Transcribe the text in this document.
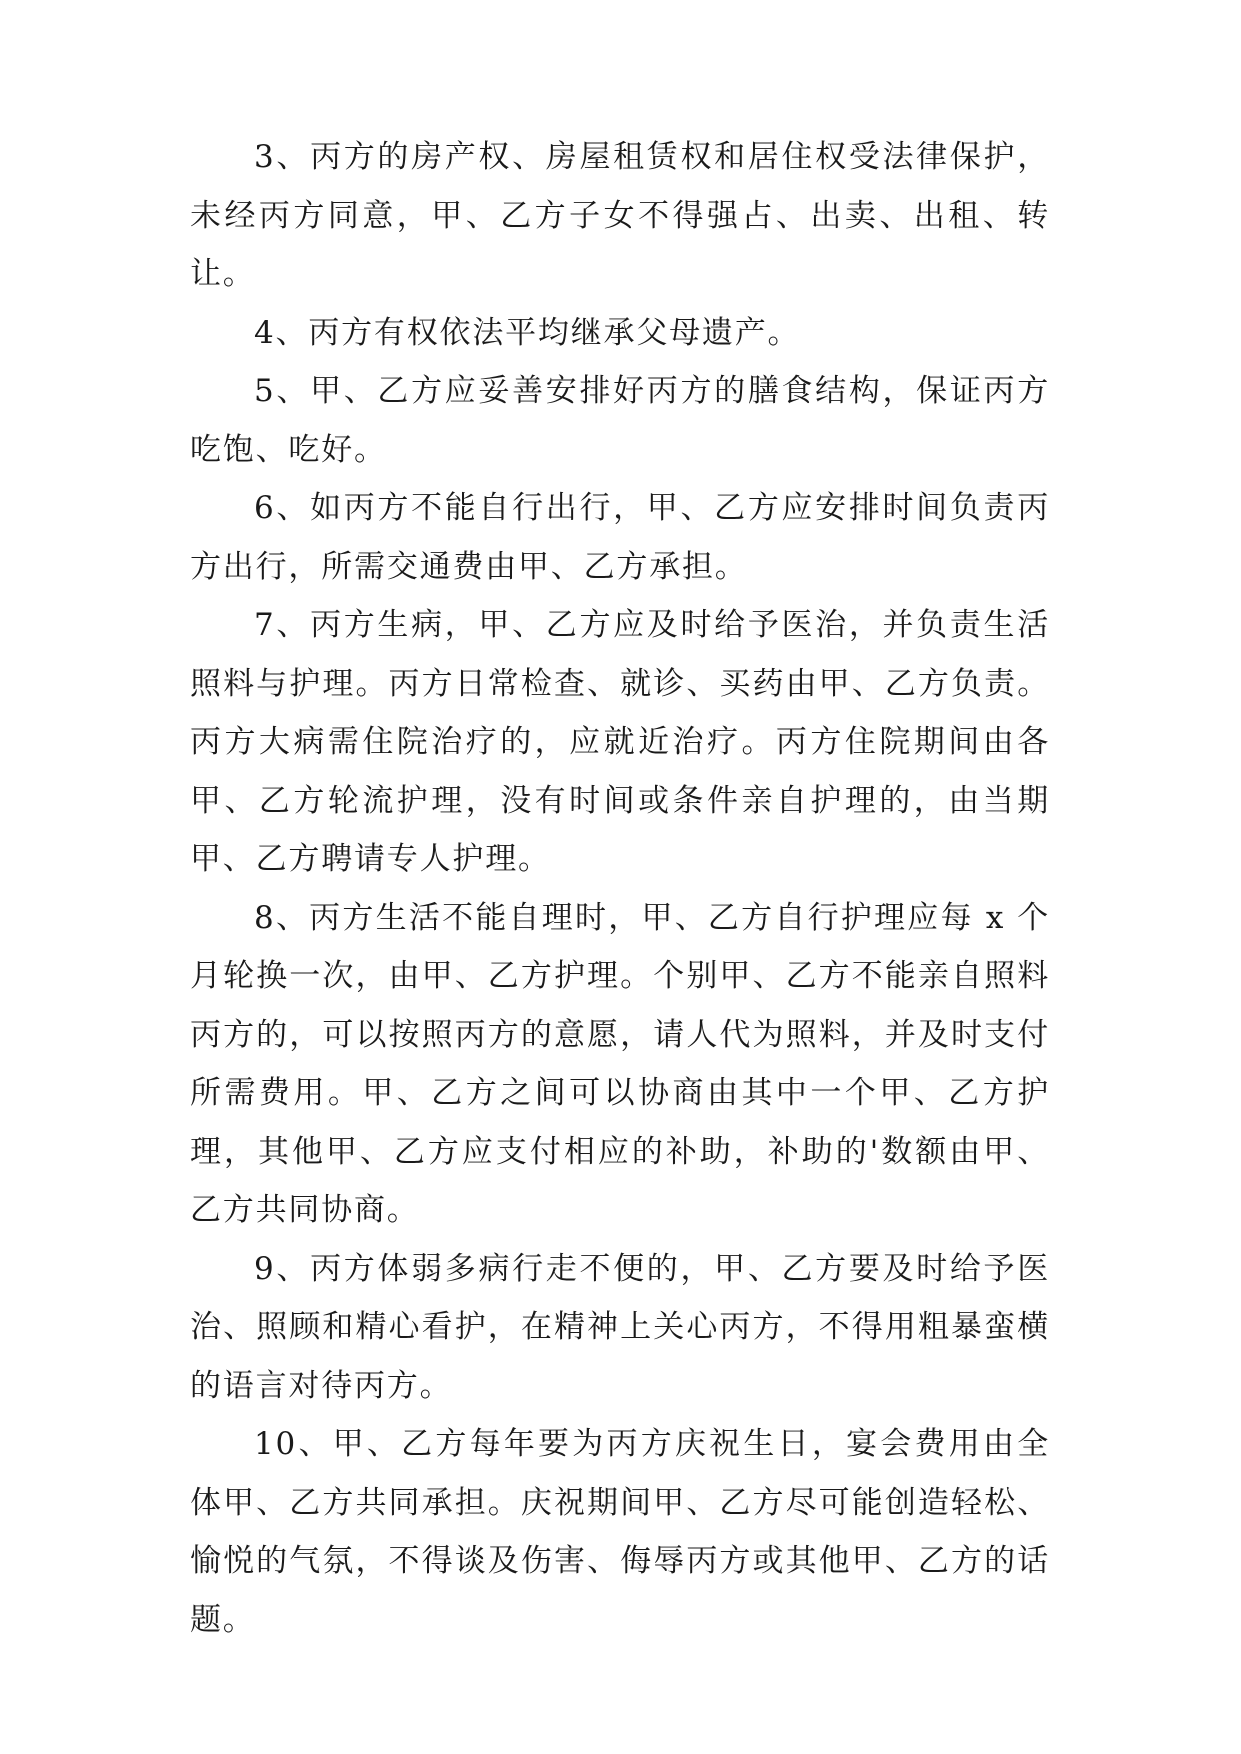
3、丙方的房产权、房屋租赁权和居住权受法律保护，未经丙方同意，甲、乙方子女不得强占、出卖、出租、转让。

4、丙方有权依法平均继承父母遗产。

5、甲、乙方应妥善安排好丙方的膳食结构，保证丙方吃饱、吃好。

6、如丙方不能自行出行，甲、乙方应安排时间负责丙方出行，所需交通费由甲、乙方承担。

7、丙方生病，甲、乙方应及时给予医治，并负责生活照料与护理。丙方日常检查、就诊、买药由甲、乙方负责。丙方大病需住院治疗的，应就近治疗。丙方住院期间由各甲、乙方轮流护理，没有时间或条件亲自护理的，由当期甲、乙方聘请专人护理。

8、丙方生活不能自理时，甲、乙方自行护理应每 x 个月轮换一次，由甲、乙方护理。个别甲、乙方不能亲自照料丙方的，可以按照丙方的意愿，请人代为照料，并及时支付所需费用。甲、乙方之间可以协商由其中一个甲、乙方护理，其他甲、乙方应支付相应的补助，补助的'数额由甲、乙方共同协商。

9、丙方体弱多病行走不便的，甲、乙方要及时给予医治、照顾和精心看护，在精神上关心丙方，不得用粗暴蛮横的语言对待丙方。

10、甲、乙方每年要为丙方庆祝生日，宴会费用由全体甲、乙方共同承担。庆祝期间甲、乙方尽可能创造轻松、愉悦的气氛，不得谈及伤害、侮辱丙方或其他甲、乙方的话题。
